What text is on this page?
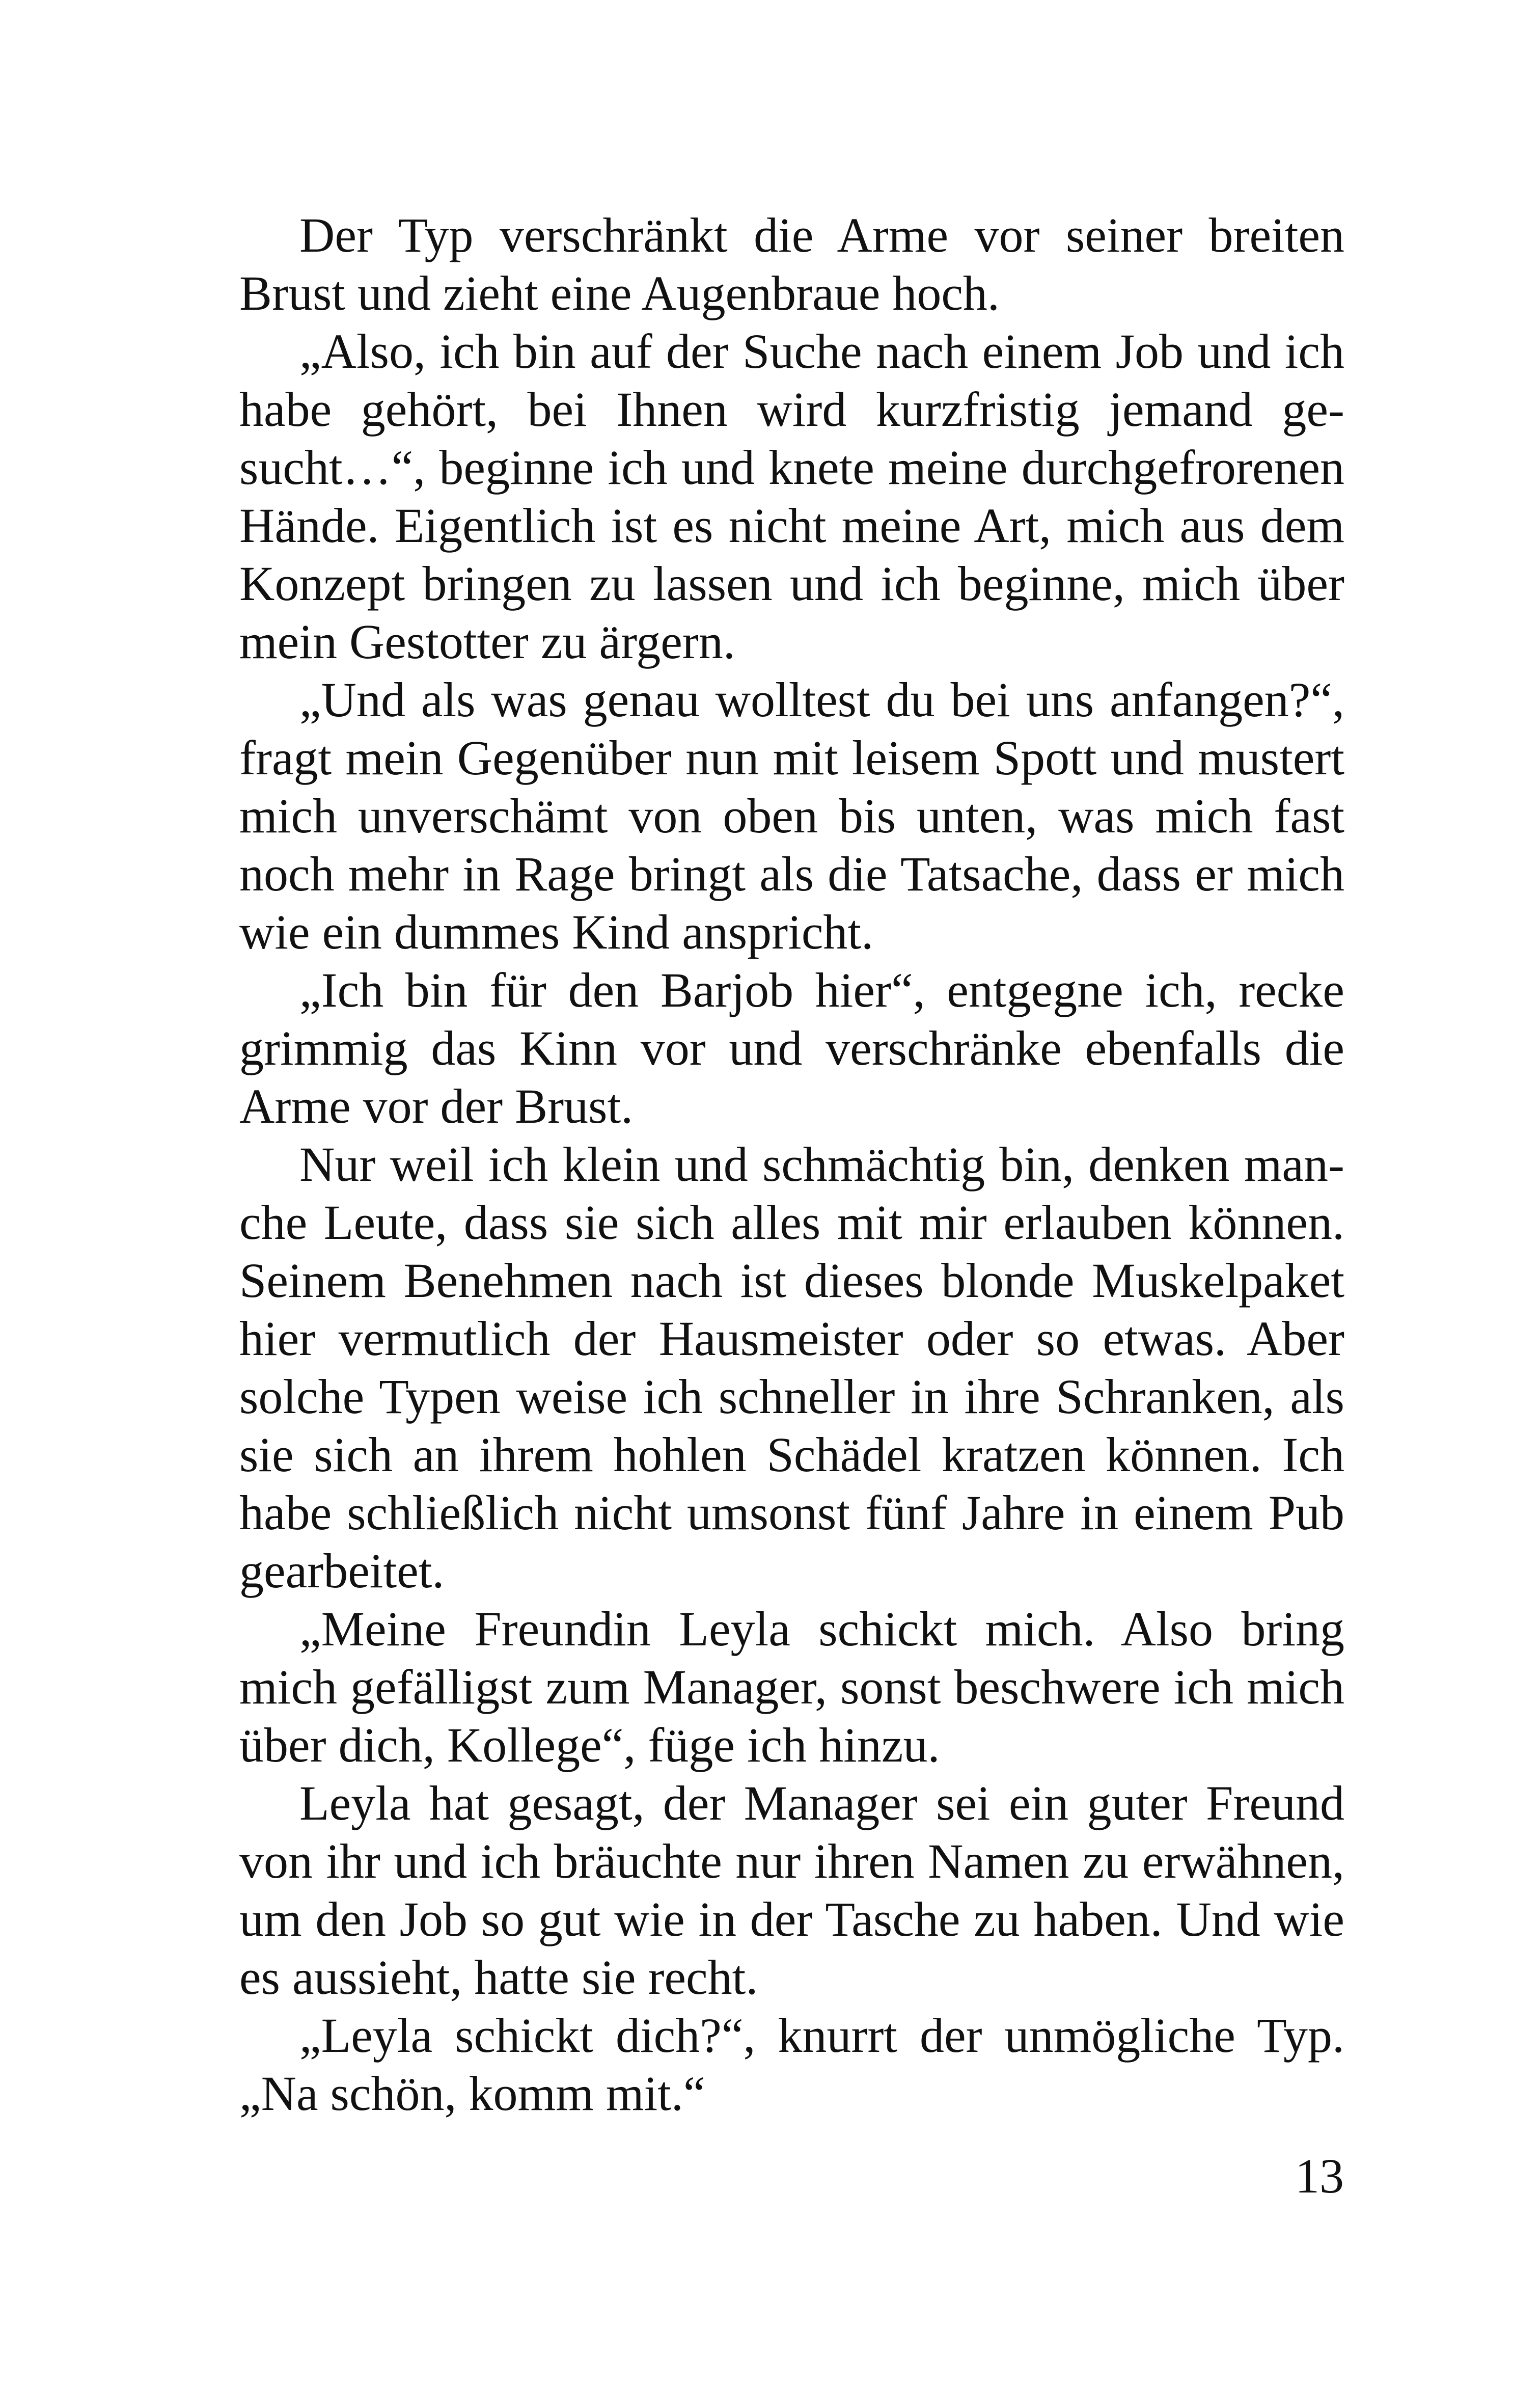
Der Typ verschränkt die Arme vor seiner breiten Brust und zieht eine Augenbraue hoch.

„Also, ich bin auf der Suche nach einem Job und ich habe gehört, bei Ihnen wird kurzfristig jemand gesucht…“, beginne ich und knete meine durchgefrorenen Hände. Eigentlich ist es nicht meine Art, mich aus dem Konzept bringen zu lassen und ich beginne, mich über mein Gestotter zu ärgern.

„Und als was genau wolltest du bei uns anfangen?“, fragt mein Gegenüber nun mit leisem Spott und mustert mich unverschämt von oben bis unten, was mich fast noch mehr in Rage bringt als die Tatsache, dass er mich wie ein dummes Kind anspricht.

„Ich bin für den Barjob hier“, entgegne ich, recke grimmig das Kinn vor und verschränke ebenfalls die Arme vor der Brust.

Nur weil ich klein und schmächtig bin, denken manche Leute, dass sie sich alles mit mir erlauben können. Seinem Benehmen nach ist dieses blonde Muskelpaket hier vermutlich der Hausmeister oder so etwas. Aber solche Typen weise ich schneller in ihre Schranken, als sie sich an ihrem hohlen Schädel kratzen können. Ich habe schließlich nicht umsonst fünf Jahre in einem Pub gearbeitet.

„Meine Freundin Leyla schickt mich. Also bring mich gefälligst zum Manager, sonst beschwere ich mich über dich, Kollege“, füge ich hinzu.

Leyla hat gesagt, der Manager sei ein guter Freund von ihr und ich bräuchte nur ihren Namen zu erwähnen, um den Job so gut wie in der Tasche zu haben. Und wie es aussieht, hatte sie recht.

„Leyla schickt dich?“, knurrt der unmögliche Typ. „Na schön, komm mit.“

13
